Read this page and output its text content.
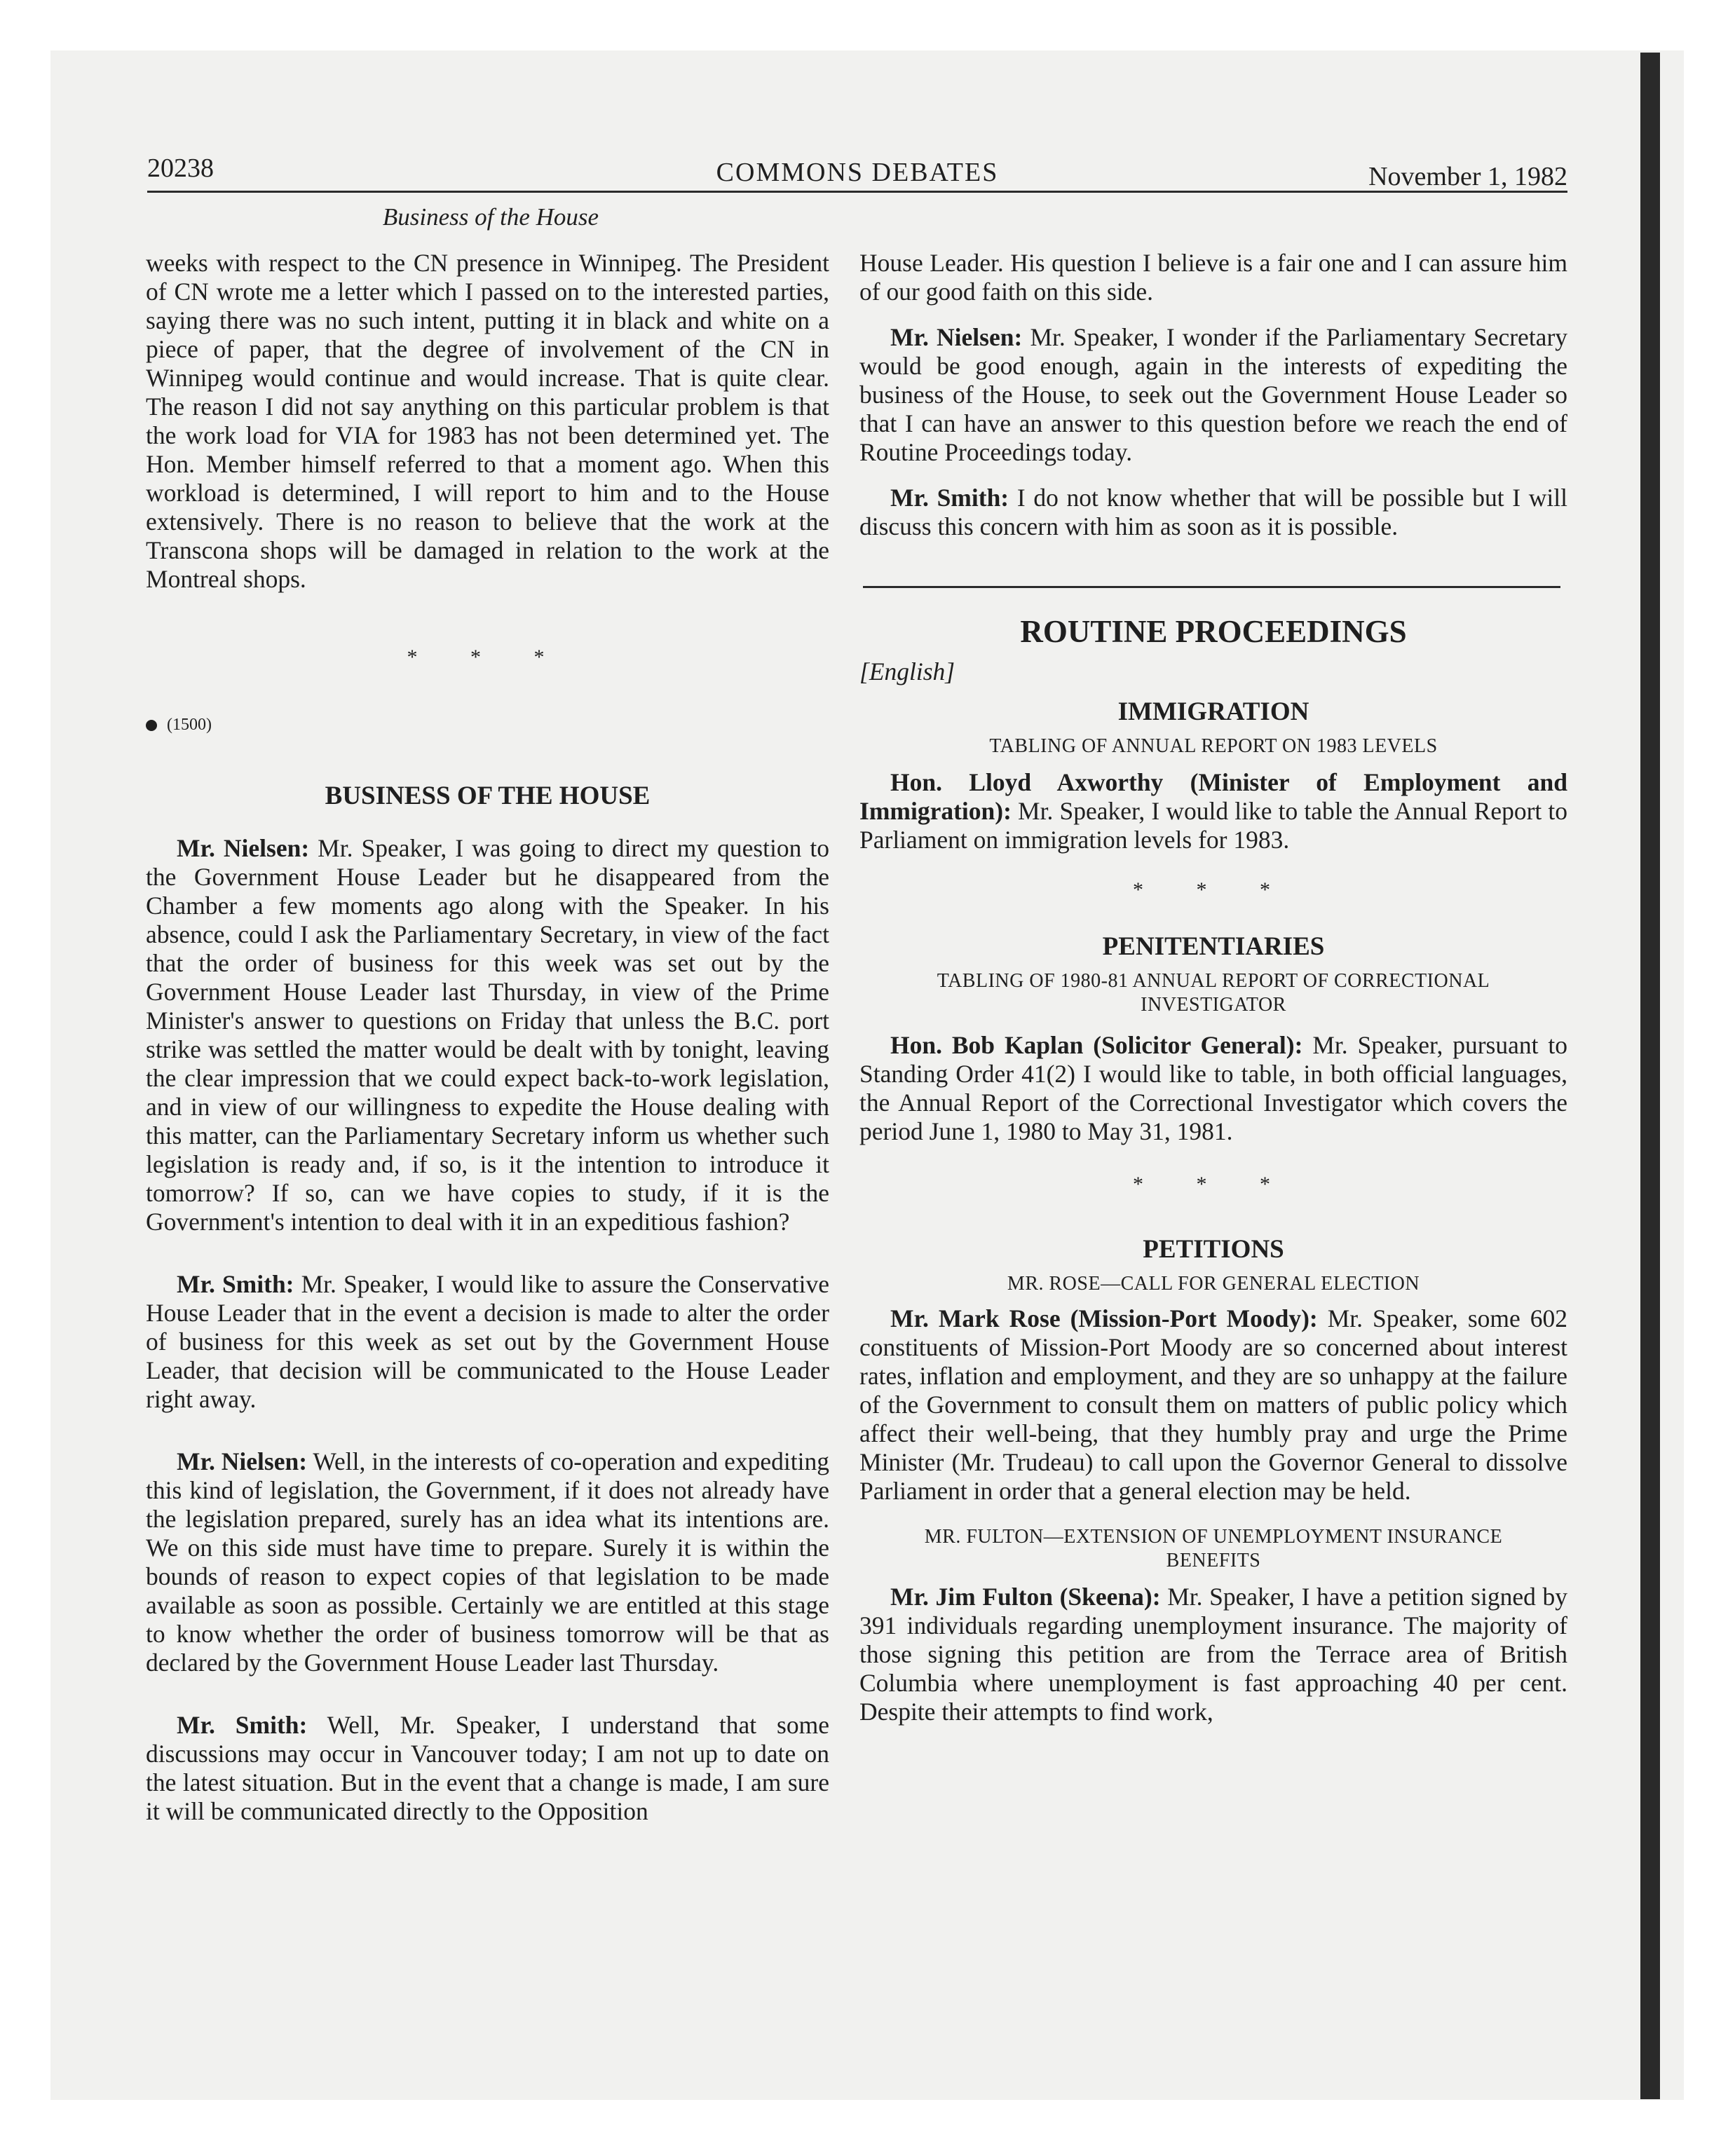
20238	COMMONS DEBATES	November 1, 1982
Business of the House

weeks with respect to the CN presence in Winnipeg. The President of CN wrote me a letter which I passed on to the interested parties, saying there was no such intent, putting it in black and white on a piece of paper, that the degree of involvement of the CN in Winnipeg would continue and would increase. That is quite clear. The reason I did not say anything on this particular problem is that the work load for VIA for 1983 has not been determined yet. The Hon. Member himself referred to that a moment ago. When this workload is determined, I will report to him and to the House extensively. There is no reason to believe that the work at the Transcona shops will be damaged in relation to the work at the Montreal shops.

* * *
(1500)
BUSINESS OF THE HOUSE

Mr. Nielsen: Mr. Speaker, I was going to direct my question to the Government House Leader but he disappeared from the Chamber a few moments ago along with the Speaker. In his absence, could I ask the Parliamentary Secretary, in view of the fact that the order of business for this week was set out by the Government House Leader last Thursday, in view of the Prime Minister's answer to questions on Friday that unless the B.C. port strike was settled the matter would be dealt with by tonight, leaving the clear impression that we could expect back-to-work legislation, and in view of our willingness to expedite the House dealing with this matter, can the Parliamentary Secretary inform us whether such legislation is ready and, if so, is it the intention to introduce it tomorrow? If so, can we have copies to study, if it is the Government's intention to deal with it in an expeditious fashion?

Mr. Smith: Mr. Speaker, I would like to assure the Conservative House Leader that in the event a decision is made to alter the order of business for this week as set out by the Government House Leader, that decision will be communicated to the House Leader right away.

Mr. Nielsen: Well, in the interests of co-operation and expediting this kind of legislation, the Government, if it does not already have the legislation prepared, surely has an idea what its intentions are. We on this side must have time to prepare. Surely it is within the bounds of reason to expect copies of that legislation to be made available as soon as possible. Certainly we are entitled at this stage to know whether the order of business tomorrow will be that as declared by the Government House Leader last Thursday.

Mr. Smith: Well, Mr. Speaker, I understand that some discussions may occur in Vancouver today; I am not up to date on the latest situation. But in the event that a change is made, I am sure it will be communicated directly to the Opposition

House Leader. His question I believe is a fair one and I can assure him of our good faith on this side.

Mr. Nielsen: Mr. Speaker, I wonder if the Parliamentary Secretary would be good enough, again in the interests of expediting the business of the House, to seek out the Government House Leader so that I can have an answer to this question before we reach the end of Routine Proceedings today.

Mr. Smith: I do not know whether that will be possible but I will discuss this concern with him as soon as it is possible.

ROUTINE PROCEEDINGS

[English]

IMMIGRATION
TABLING OF ANNUAL REPORT ON 1983 LEVELS

Hon. Lloyd Axworthy (Minister of Employment and Immigration): Mr. Speaker, I would like to table the Annual Report to Parliament on immigration levels for 1983.

* * *
PENITENTIARIES
TABLING OF 1980-81 ANNUAL REPORT OF CORRECTIONAL INVESTIGATOR

Hon. Bob Kaplan (Solicitor General): Mr. Speaker, pursuant to Standing Order 41(2) I would like to table, in both official languages, the Annual Report of the Correctional Investigator which covers the period June 1, 1980 to May 31, 1981.

* * *
PETITIONS
MR. ROSE—CALL FOR GENERAL ELECTION

Mr. Mark Rose (Mission-Port Moody): Mr. Speaker, some 602 constituents of Mission-Port Moody are so concerned about interest rates, inflation and employment, and they are so unhappy at the failure of the Government to consult them on matters of public policy which affect their well-being, that they humbly pray and urge the Prime Minister (Mr. Trudeau) to call upon the Governor General to dissolve Parliament in order that a general election may be held.

MR. FULTON—EXTENSION OF UNEMPLOYMENT INSURANCE BENEFITS

Mr. Jim Fulton (Skeena): Mr. Speaker, I have a petition signed by 391 individuals regarding unemployment insurance. The majority of those signing this petition are from the Terrace area of British Columbia where unemployment is fast approaching 40 per cent. Despite their attempts to find work,
